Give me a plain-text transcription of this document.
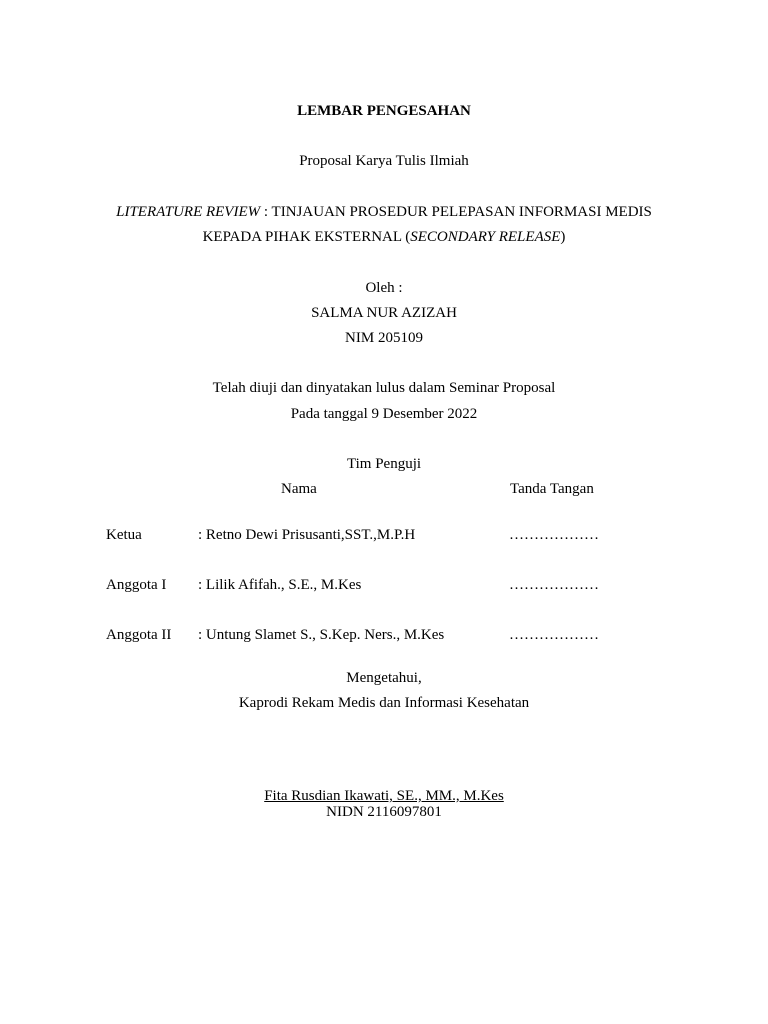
LEMBAR PENGESAHAN
Proposal Karya Tulis Ilmiah
LITERATURE REVIEW : TINJAUAN PROSEDUR PELEPASAN INFORMASI MEDIS
KEPADA PIHAK EKSTERNAL (SECONDARY RELEASE)
Oleh :
SALMA NUR AZIZAH
NIM 205109
Telah diuji dan dinyatakan lulus dalam Seminar Proposal
Pada tanggal 9 Desember 2022
Tim Penguji
Nama	Tanda Tangan
Ketua	: Retno Dewi Prisusanti,SST.,M.P.H	………………
Anggota I : Lilik Afifah., S.E., M.Kes	………………
Anggota II : Untung Slamet S., S.Kep. Ners., M.Kes	………………
Mengetahui,
Kaprodi Rekam Medis dan Informasi Kesehatan
Fita Rusdian Ikawati, SE., MM., M.Kes
NIDN 2116097801
